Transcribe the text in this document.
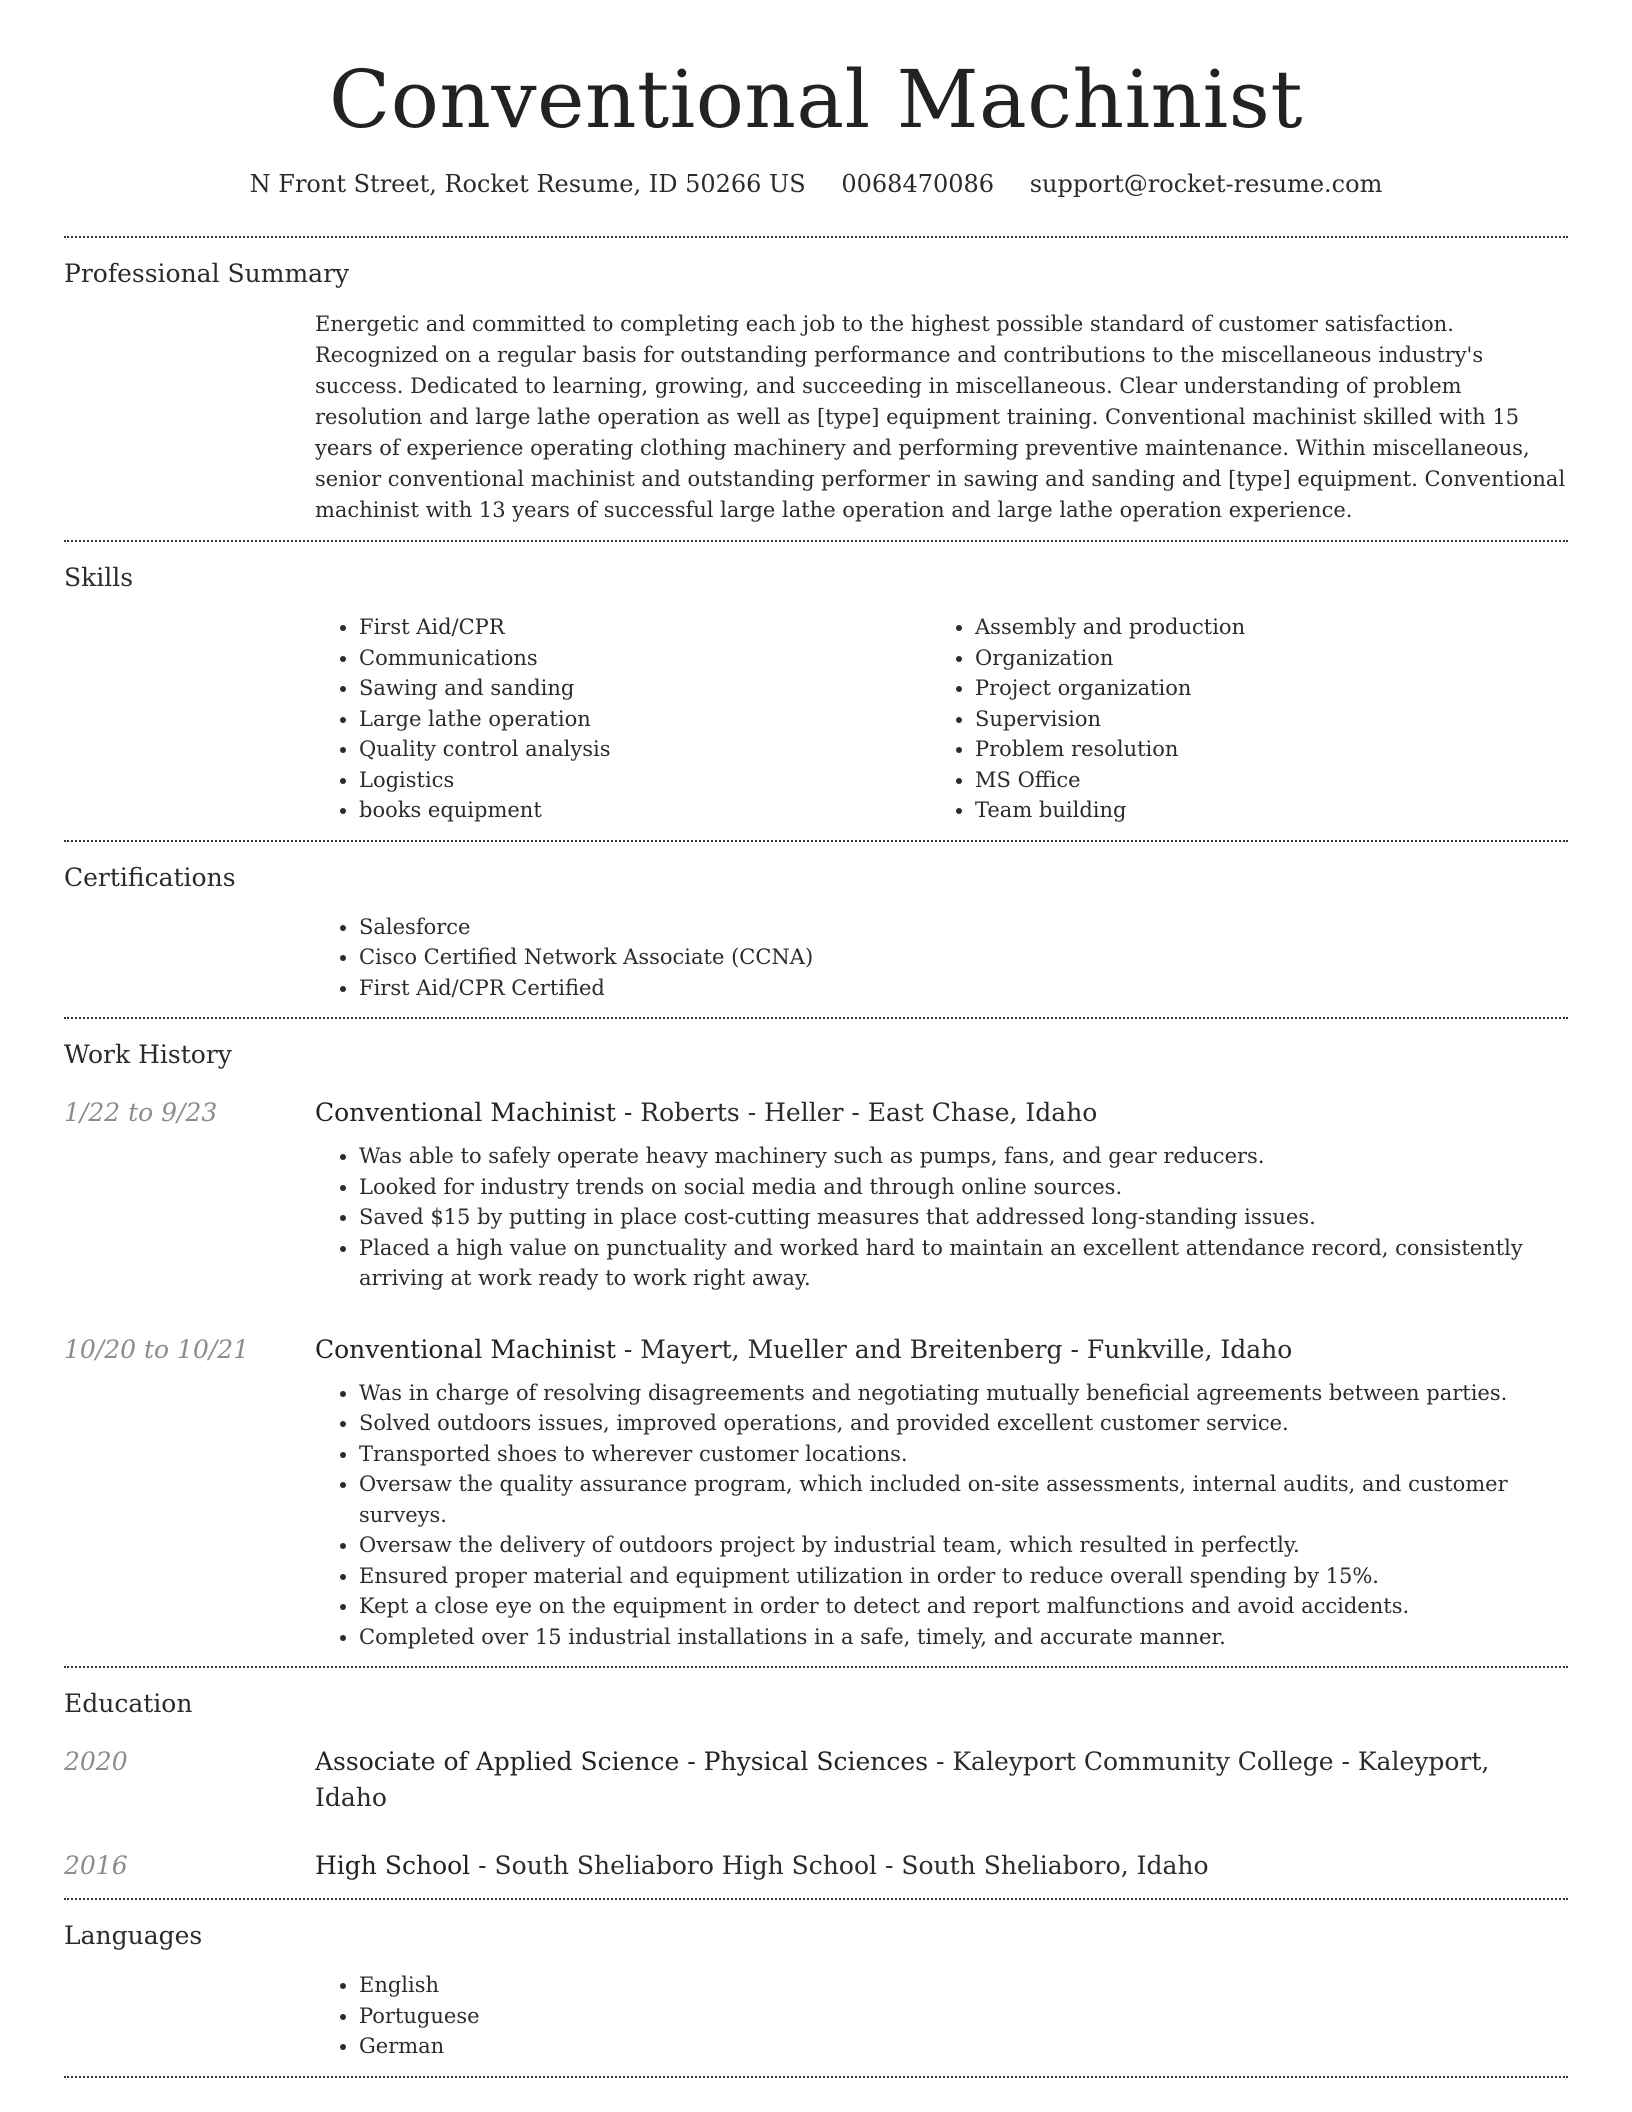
Conventional Machinist
N Front Street, Rocket Resume, ID 50266 US 0068470086 support@rocket-resume.com
Professional Summary
Energetic and committed to completing each job to the highest possible standard of customer satisfaction. Recognized on a regular basis for outstanding performance and contributions to the miscellaneous industry's success. Dedicated to learning, growing, and succeeding in miscellaneous. Clear understanding of problem resolution and large lathe operation as well as [type] equipment training. Conventional machinist skilled with 15 years of experience operating clothing machinery and performing preventive maintenance. Within miscellaneous, senior conventional machinist and outstanding performer in sawing and sanding and [type] equipment. Conventional machinist with 13 years of successful large lathe operation and large lathe operation experience.
Skills
• First Aid/CPR
• Communications
• Sawing and sanding
• Large lathe operation
• Quality control analysis
• Logistics
• books equipment
• Assembly and production
• Organization
• Project organization
• Supervision
• Problem resolution
• MS Office
• Team building
Certifications
• Salesforce
• Cisco Certified Network Associate (CCNA)
• First Aid/CPR Certified
Work History
1/22 to 9/23	Conventional Machinist - Roberts - Heller - East Chase, Idaho
• Was able to safely operate heavy machinery such as pumps, fans, and gear reducers.
• Looked for industry trends on social media and through online sources.
• Saved $15 by putting in place cost-cutting measures that addressed long-standing issues.
• Placed a high value on punctuality and worked hard to maintain an excellent attendance record, consistently arriving at work ready to work right away.
10/20 to 10/21	Conventional Machinist - Mayert, Mueller and Breitenberg - Funkville, Idaho
• Was in charge of resolving disagreements and negotiating mutually beneficial agreements between parties.
• Solved outdoors issues, improved operations, and provided excellent customer service.
• Transported shoes to wherever customer locations.
• Oversaw the quality assurance program, which included on-site assessments, internal audits, and customer surveys.
• Oversaw the delivery of outdoors project by industrial team, which resulted in perfectly.
• Ensured proper material and equipment utilization in order to reduce overall spending by 15%.
• Kept a close eye on the equipment in order to detect and report malfunctions and avoid accidents.
• Completed over 15 industrial installations in a safe, timely, and accurate manner.
Education
2020	Associate of Applied Science - Physical Sciences - Kaleyport Community College - Kaleyport, Idaho
2016	High School - South Sheliaboro High School - South Sheliaboro, Idaho
Languages
• English
• Portuguese
• German
